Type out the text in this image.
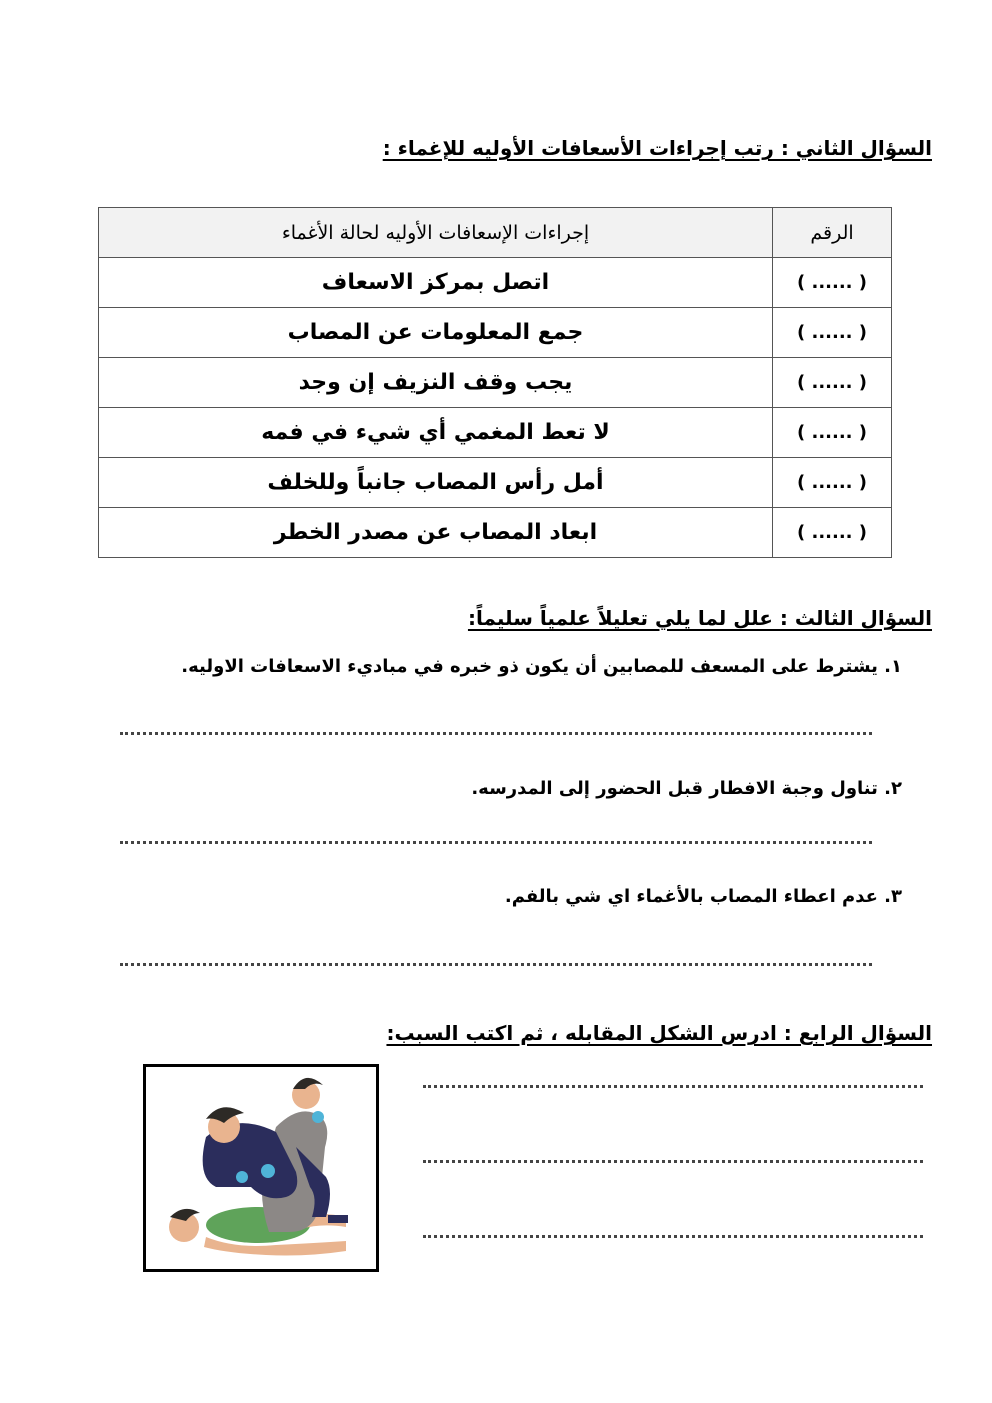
السؤال الثاني : رتب إجراءات الأسعافات الأوليه للإغماء :
الرقم	إجراءات الإسعافات الأوليه لحالة الأغماء
( ...... )	اتصل بمركز الاسعاف
( ...... )	جمع المعلومات عن المصاب
( ...... )	يجب وقف النزيف إن وجد
( ...... )	لا تعط المغمي أي شيء في فمه
( ...... )	أمل رأس المصاب جانباً وللخلف
( ...... )	ابعاد المصاب عن مصدر الخطر
السؤال الثالث : علل لما يلي تعليلاً علمياً سليماً:
١. يشترط على المسعف للمصابين أن يكون ذو خبره في مباديء الاسعافات الاوليه.
٢. تناول وجبة الافطار قبل الحضور إلى المدرسه.
٣. عدم اعطاء المصاب بالأغماء اي شي بالفم.
السؤال الرابع : ادرس الشكل المقابله ، ثم اكتب السبب:
